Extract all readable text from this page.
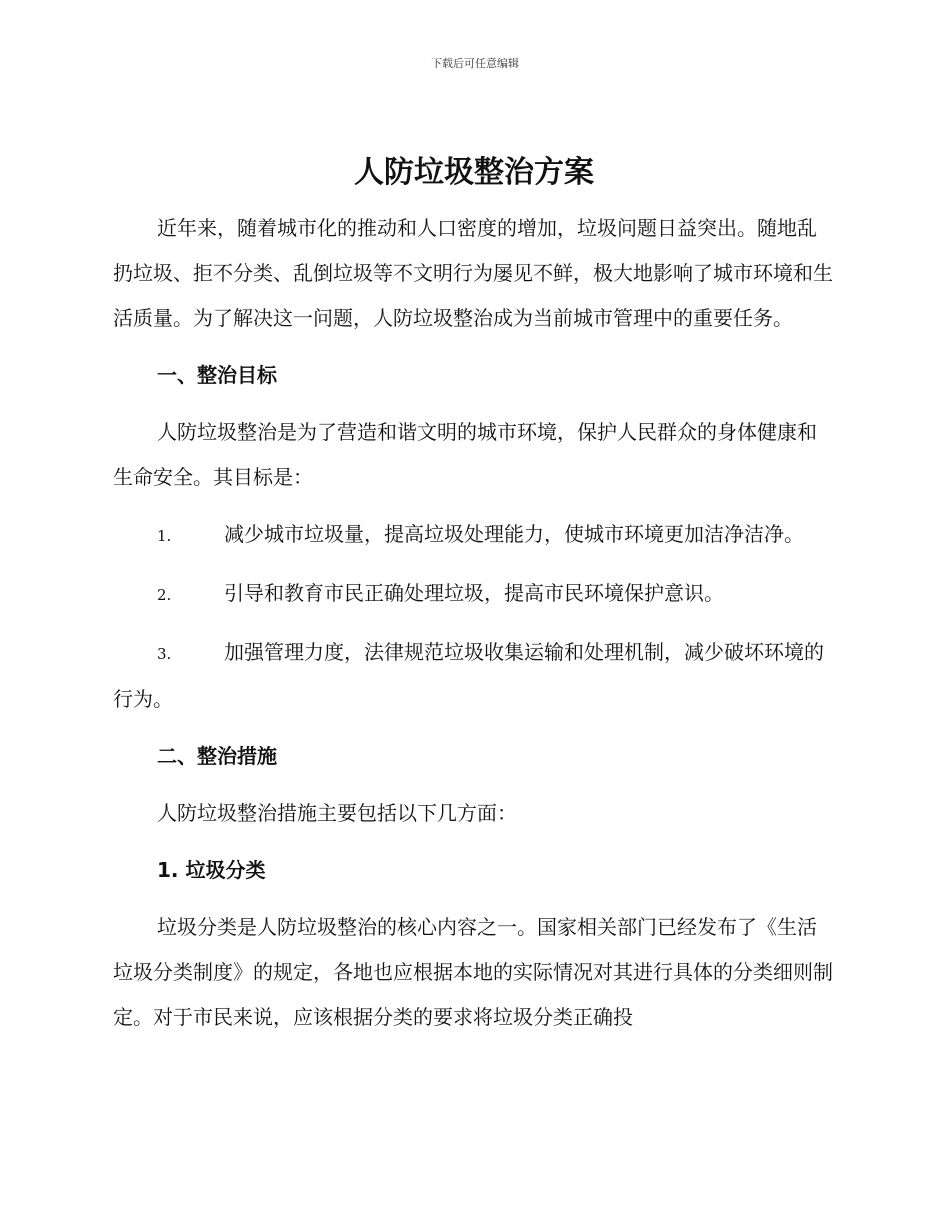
下载后可任意编辑
人防垃圾整治方案

近年来，随着城市化的推动和人口密度的增加，垃圾问题日益突出。随地乱扔垃圾、拒不分类、乱倒垃圾等不文明行为屡见不鲜，极大地影响了城市环境和生活质量。为了解决这一问题，人防垃圾整治成为当前城市管理中的重要任务。

一、整治目标

人防垃圾整治是为了营造和谐文明的城市环境，保护人民群众的身体健康和生命安全。其目标是：

1.	减少城市垃圾量，提高垃圾处理能力，使城市环境更加洁净洁净。

2.	引导和教育市民正确处理垃圾，提高市民环境保护意识。

3.	加强管理力度，法律规范垃圾收集运输和处理机制，减少破坏环境的行为。

二、整治措施

人防垃圾整治措施主要包括以下几方面：

1. 垃圾分类

垃圾分类是人防垃圾整治的核心内容之一。国家相关部门已经发布了《生活垃圾分类制度》的规定，各地也应根据本地的实际情况对其进行具体的分类细则制定。对于市民来说，应该根据分类的要求将垃圾分类正确投
